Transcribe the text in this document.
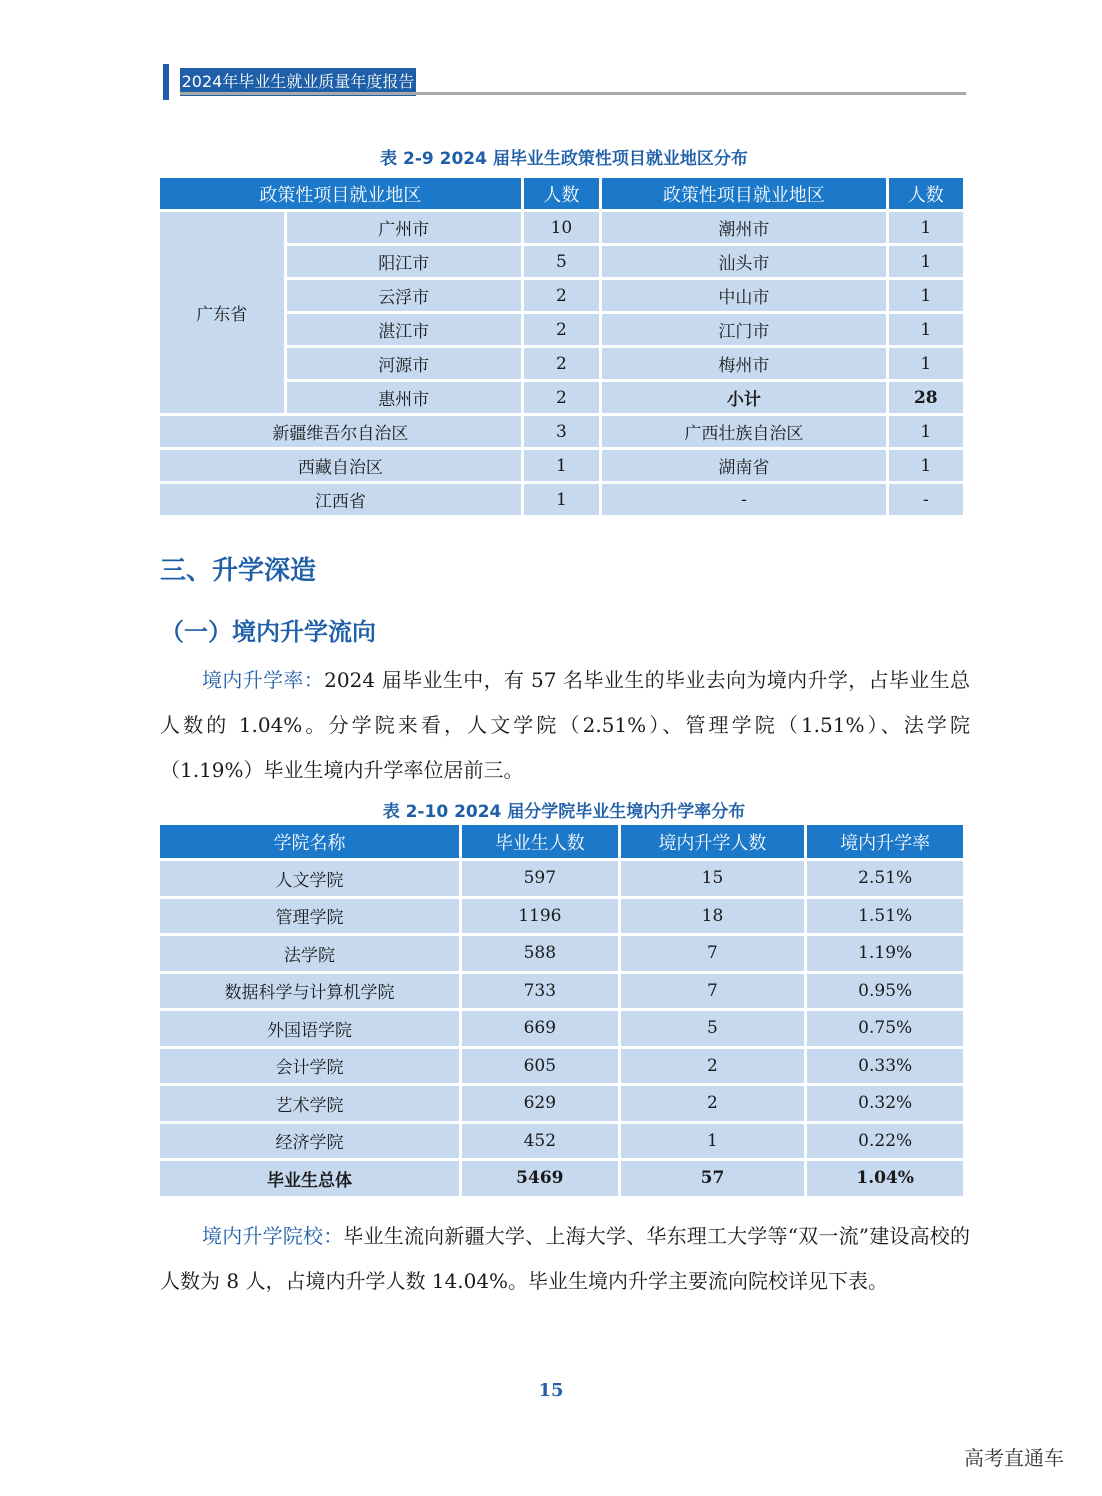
2024年毕业生就业质量年度报告
表 2-9 2024 届毕业生政策性项目就业地区分布
政策性项目就业地区		人数	政策性项目就业地区	人数
广东省	广州市	10	潮州市	1
	阳江市	5	汕头市	1
	云浮市	2	中山市	1
	湛江市	2	江门市	1
	河源市	2	梅州市	1
	惠州市	2	小计	28
新疆维吾尔自治区		3	广西壮族自治区	1
西藏自治区		1	湖南省	1
江西省		1	-	-
三、升学深造
（一）境内升学流向
境内升学率：2024 届毕业生中，有 57 名毕业生的毕业去向为境内升学，占毕业生总人数的 1.04%。分学院来看，人文学院（2.51%）、管理学院（1.51%）、法学院（1.19%）毕业生境内升学率位居前三。
表 2-10 2024 届分学院毕业生境内升学率分布
学院名称	毕业生人数	境内升学人数	境内升学率
人文学院	597	15	2.51%
管理学院	1196	18	1.51%
法学院	588	7	1.19%
数据科学与计算机学院	733	7	0.95%
外国语学院	669	5	0.75%
会计学院	605	2	0.33%
艺术学院	629	2	0.32%
经济学院	452	1	0.22%
毕业生总体	5469	57	1.04%
境内升学院校：毕业生流向新疆大学、上海大学、华东理工大学等“双一流”建设高校的人数为 8 人，占境内升学人数 14.04%。毕业生境内升学主要流向院校详见下表。
15
高考直通车
